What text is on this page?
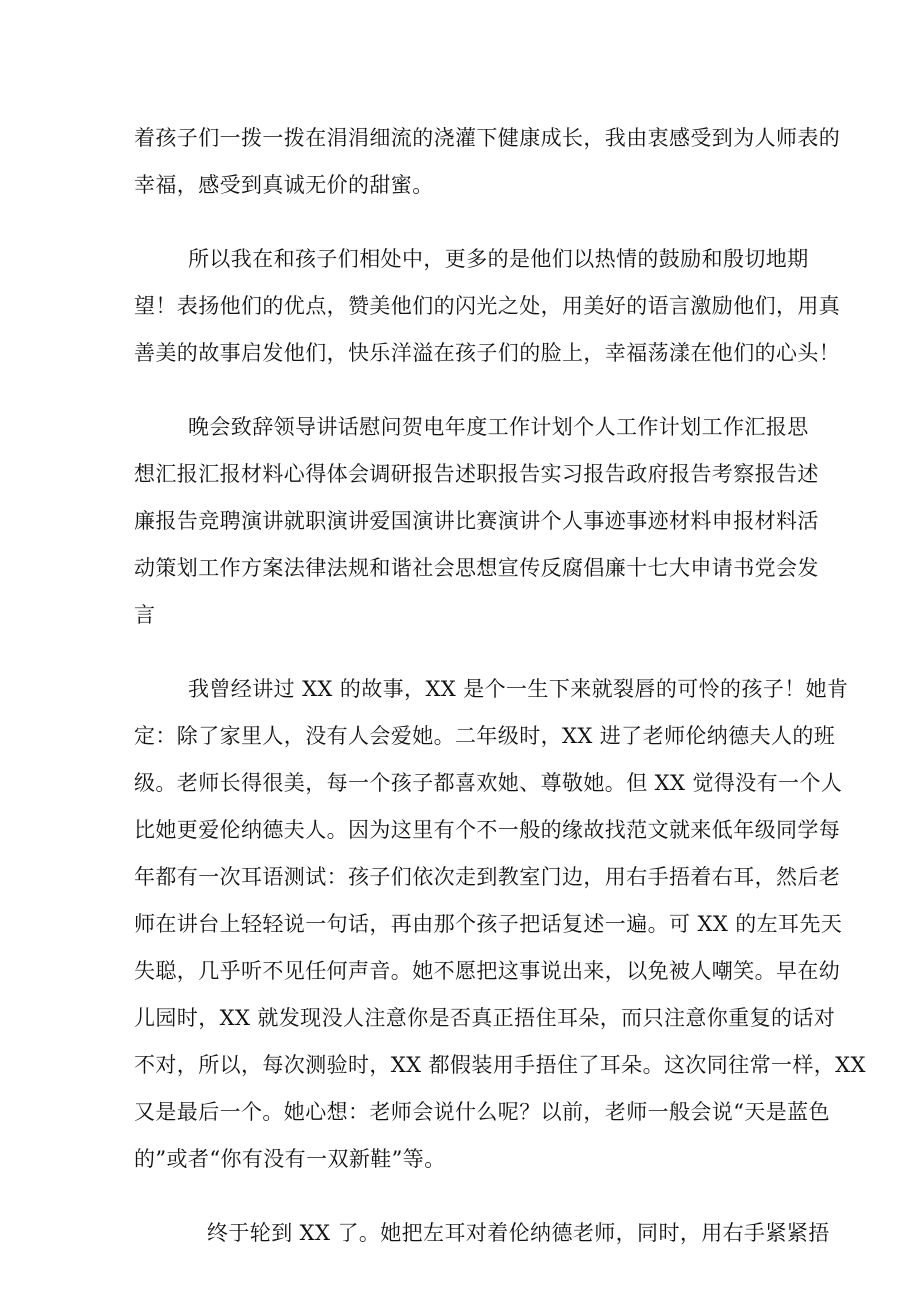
着孩子们一拨一拨在涓涓细流的浇灌下健康成长，我由衷感受到为人师表的
幸福，感受到真诚无价的甜蜜。
所以我在和孩子们相处中，更多的是他们以热情的鼓励和殷切地期
望！表扬他们的优点，赞美他们的闪光之处，用美好的语言激励他们，用真
善美的故事启发他们，快乐洋溢在孩子们的脸上，幸福荡漾在他们的心头！
晚会致辞领导讲话慰问贺电年度工作计划个人工作计划工作汇报思
想汇报汇报材料心得体会调研报告述职报告实习报告政府报告考察报告述
廉报告竞聘演讲就职演讲爱国演讲比赛演讲个人事迹事迹材料申报材料活
动策划工作方案法律法规和谐社会思想宣传反腐倡廉十七大申请书党会发
言
我曾经讲过 XX 的故事，XX 是个一生下来就裂唇的可怜的孩子！她肯
定：除了家里人，没有人会爱她。二年级时，XX 进了老师伦纳德夫人的班
级。老师长得很美，每一个孩子都喜欢她、尊敬她。但 XX 觉得没有一个人
比她更爱伦纳德夫人。因为这里有个不一般的缘故找范文就来低年级同学每
年都有一次耳语测试：孩子们依次走到教室门边，用右手捂着右耳，然后老
师在讲台上轻轻说一句话，再由那个孩子把话复述一遍。可 XX 的左耳先天
失聪，几乎听不见任何声音。她不愿把这事说出来，以免被人嘲笑。早在幼
儿园时，XX 就发现没人注意你是否真正捂住耳朵，而只注意你重复的话对
不对，所以，每次测验时，XX 都假装用手捂住了耳朵。这次同往常一样，XX
又是最后一个。她心想：老师会说什么呢？以前，老师一般会说“天是蓝色
的”或者“你有没有一双新鞋”等。
终于轮到 XX 了。她把左耳对着伦纳德老师，同时，用右手紧紧捂
